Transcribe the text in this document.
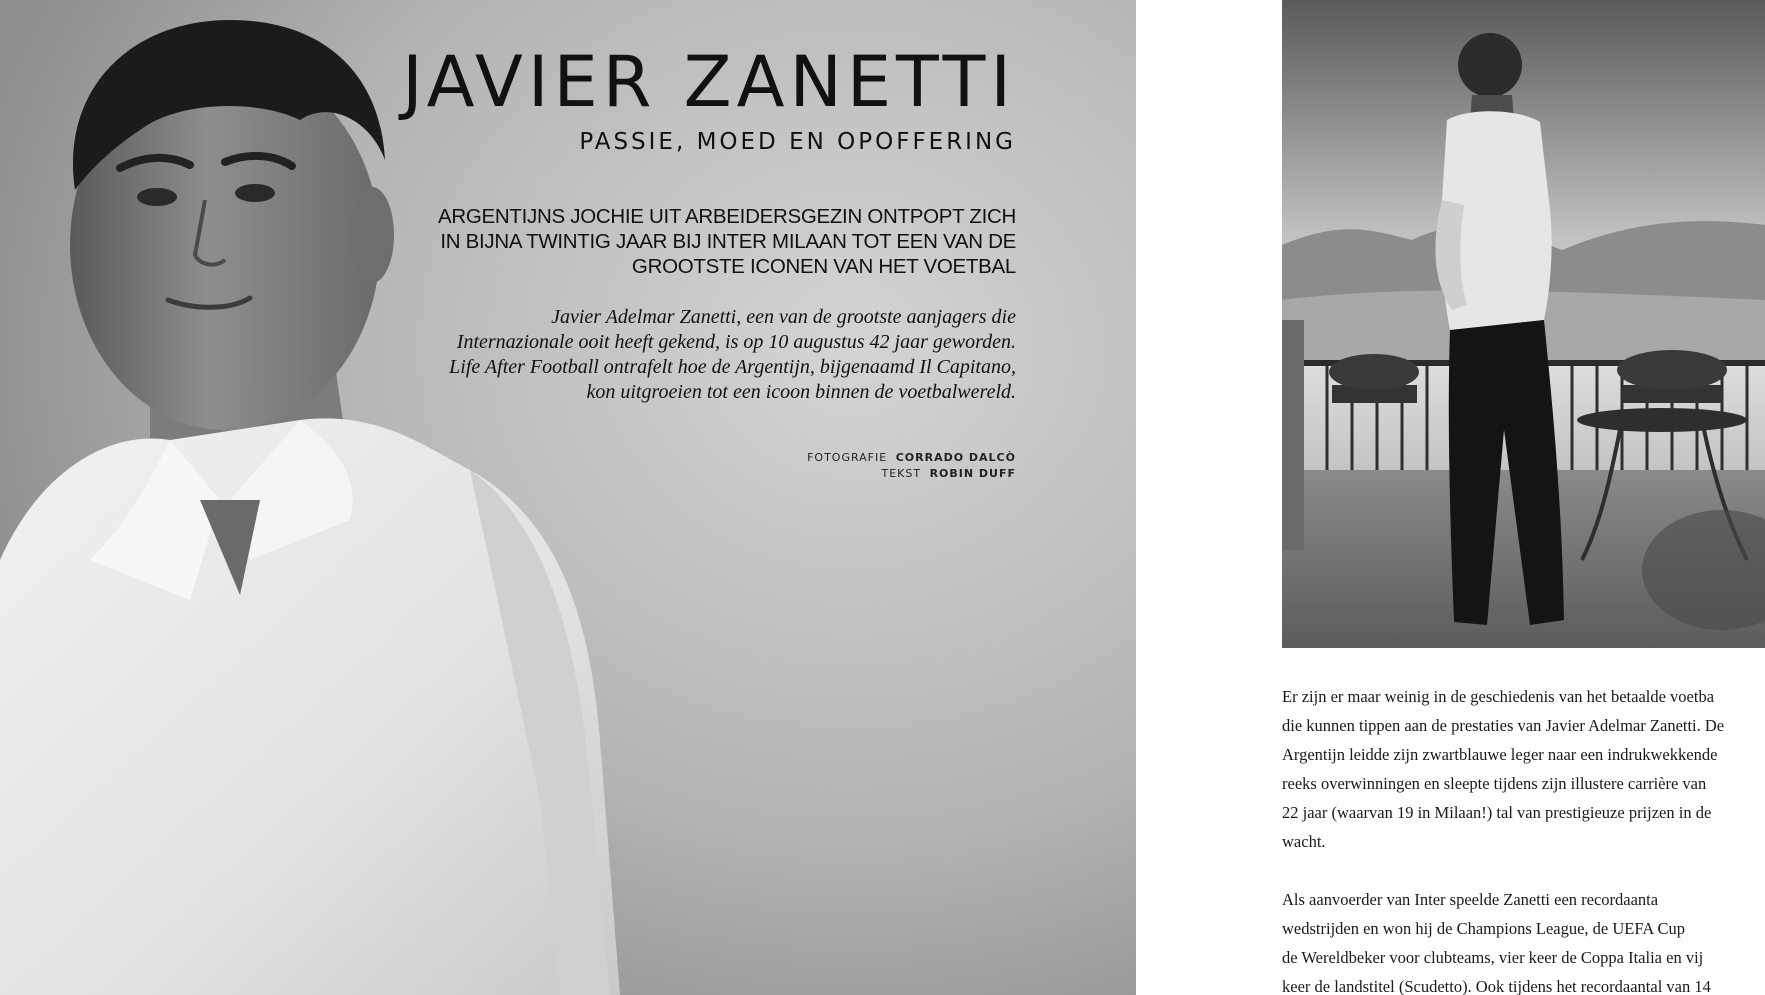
JAVIER ZANETTI
PASSIE, MOED EN OPOFFERING
ARGENTIJNS JOCHIE UIT ARBEIDERSGEZIN ONTPOPT ZICH
IN BIJNA TWINTIG JAAR BIJ INTER MILAAN TOT EEN VAN DE
GROOTSTE ICONEN VAN HET VOETBAL
Javier Adelmar Zanetti, een van de grootste aanjagers die
Internazionale ooit heeft gekend, is op 10 augustus 42 jaar geworden.
Life After Football ontrafelt hoe de Argentijn, bijgenaamd Il Capitano,
kon uitgroeien tot een icoon binnen de voetbalwereld.
FOTOGRAFIE CORRADO DALCÒ
TEKST ROBIN DUFF

Er zijn er maar weinig in de geschiedenis van het betaalde voetba
die kunnen tippen aan de prestaties van Javier Adelmar Zanetti. De
Argentijn leidde zijn zwartblauwe leger naar een indrukwekkende
reeks overwinningen en sleepte tijdens zijn illustere carrière van
22 jaar (waarvan 19 in Milaan!) tal van prestigieuze prijzen in de
wacht.

Als aanvoerder van Inter speelde Zanetti een recordaanta
wedstrijden en won hij de Champions League, de UEFA Cup
de Wereldbeker voor clubteams, vier keer de Coppa Italia en vij
keer de landstitel (Scudetto). Ook tijdens het recordaantal van 14
